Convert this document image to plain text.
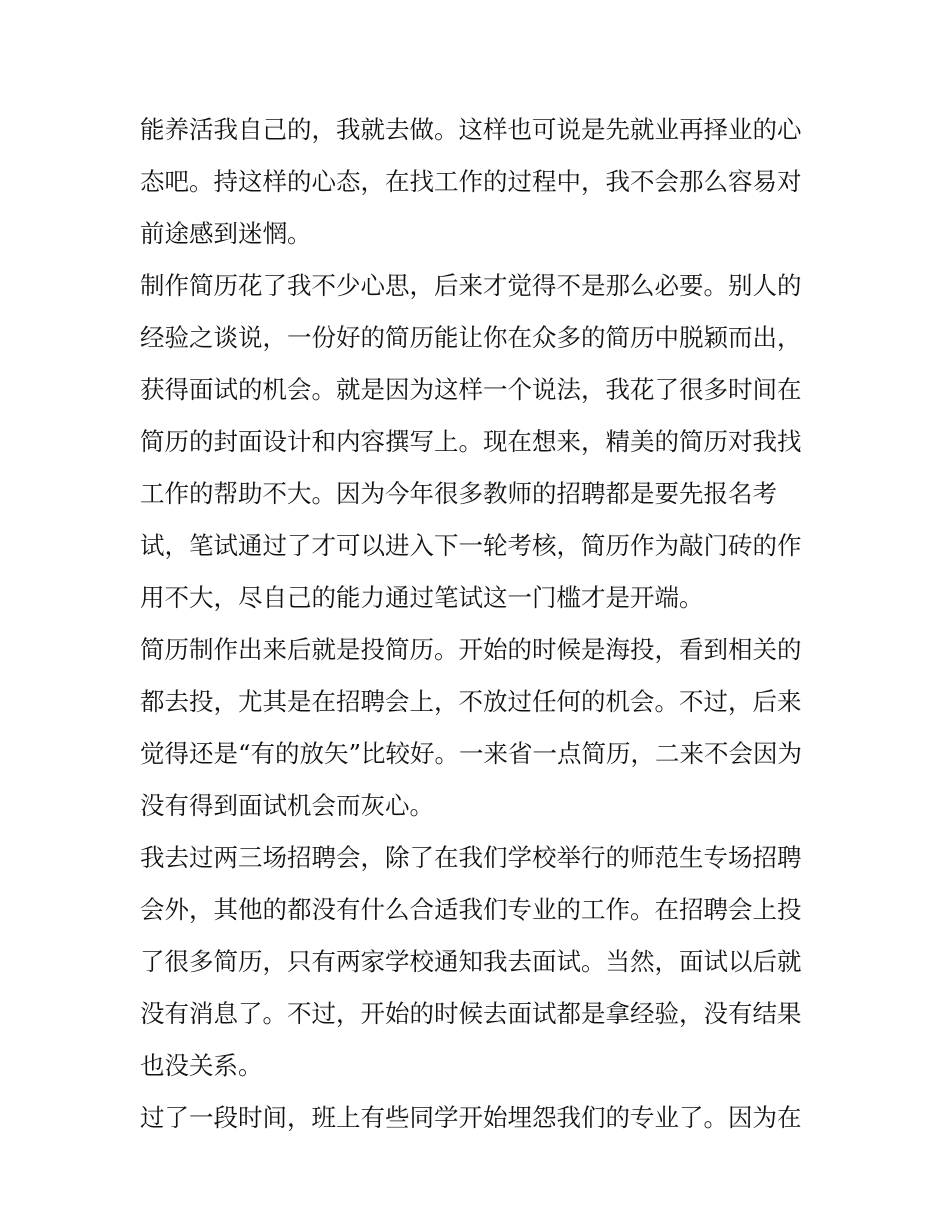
能养活我自己的，我就去做。这样也可说是先就业再择业的心
态吧。持这样的心态，在找工作的过程中，我不会那么容易对
前途感到迷惘。
制作简历花了我不少心思，后来才觉得不是那么必要。别人的
经验之谈说，一份好的简历能让你在众多的简历中脱颖而出，
获得面试的机会。就是因为这样一个说法，我花了很多时间在
简历的封面设计和内容撰写上。现在想来，精美的简历对我找
工作的帮助不大。因为今年很多教师的招聘都是要先报名考
试，笔试通过了才可以进入下一轮考核，简历作为敲门砖的作
用不大，尽自己的能力通过笔试这一门槛才是开端。
简历制作出来后就是投简历。开始的时候是海投，看到相关的
都去投，尤其是在招聘会上，不放过任何的机会。不过，后来
觉得还是“有的放矢”比较好。一来省一点简历，二来不会因为
没有得到面试机会而灰心。
我去过两三场招聘会，除了在我们学校举行的师范生专场招聘
会外，其他的都没有什么合适我们专业的工作。在招聘会上投
了很多简历，只有两家学校通知我去面试。当然，面试以后就
没有消息了。不过，开始的时候去面试都是拿经验，没有结果
也没关系。
过了一段时间，班上有些同学开始埋怨我们的专业了。因为在
